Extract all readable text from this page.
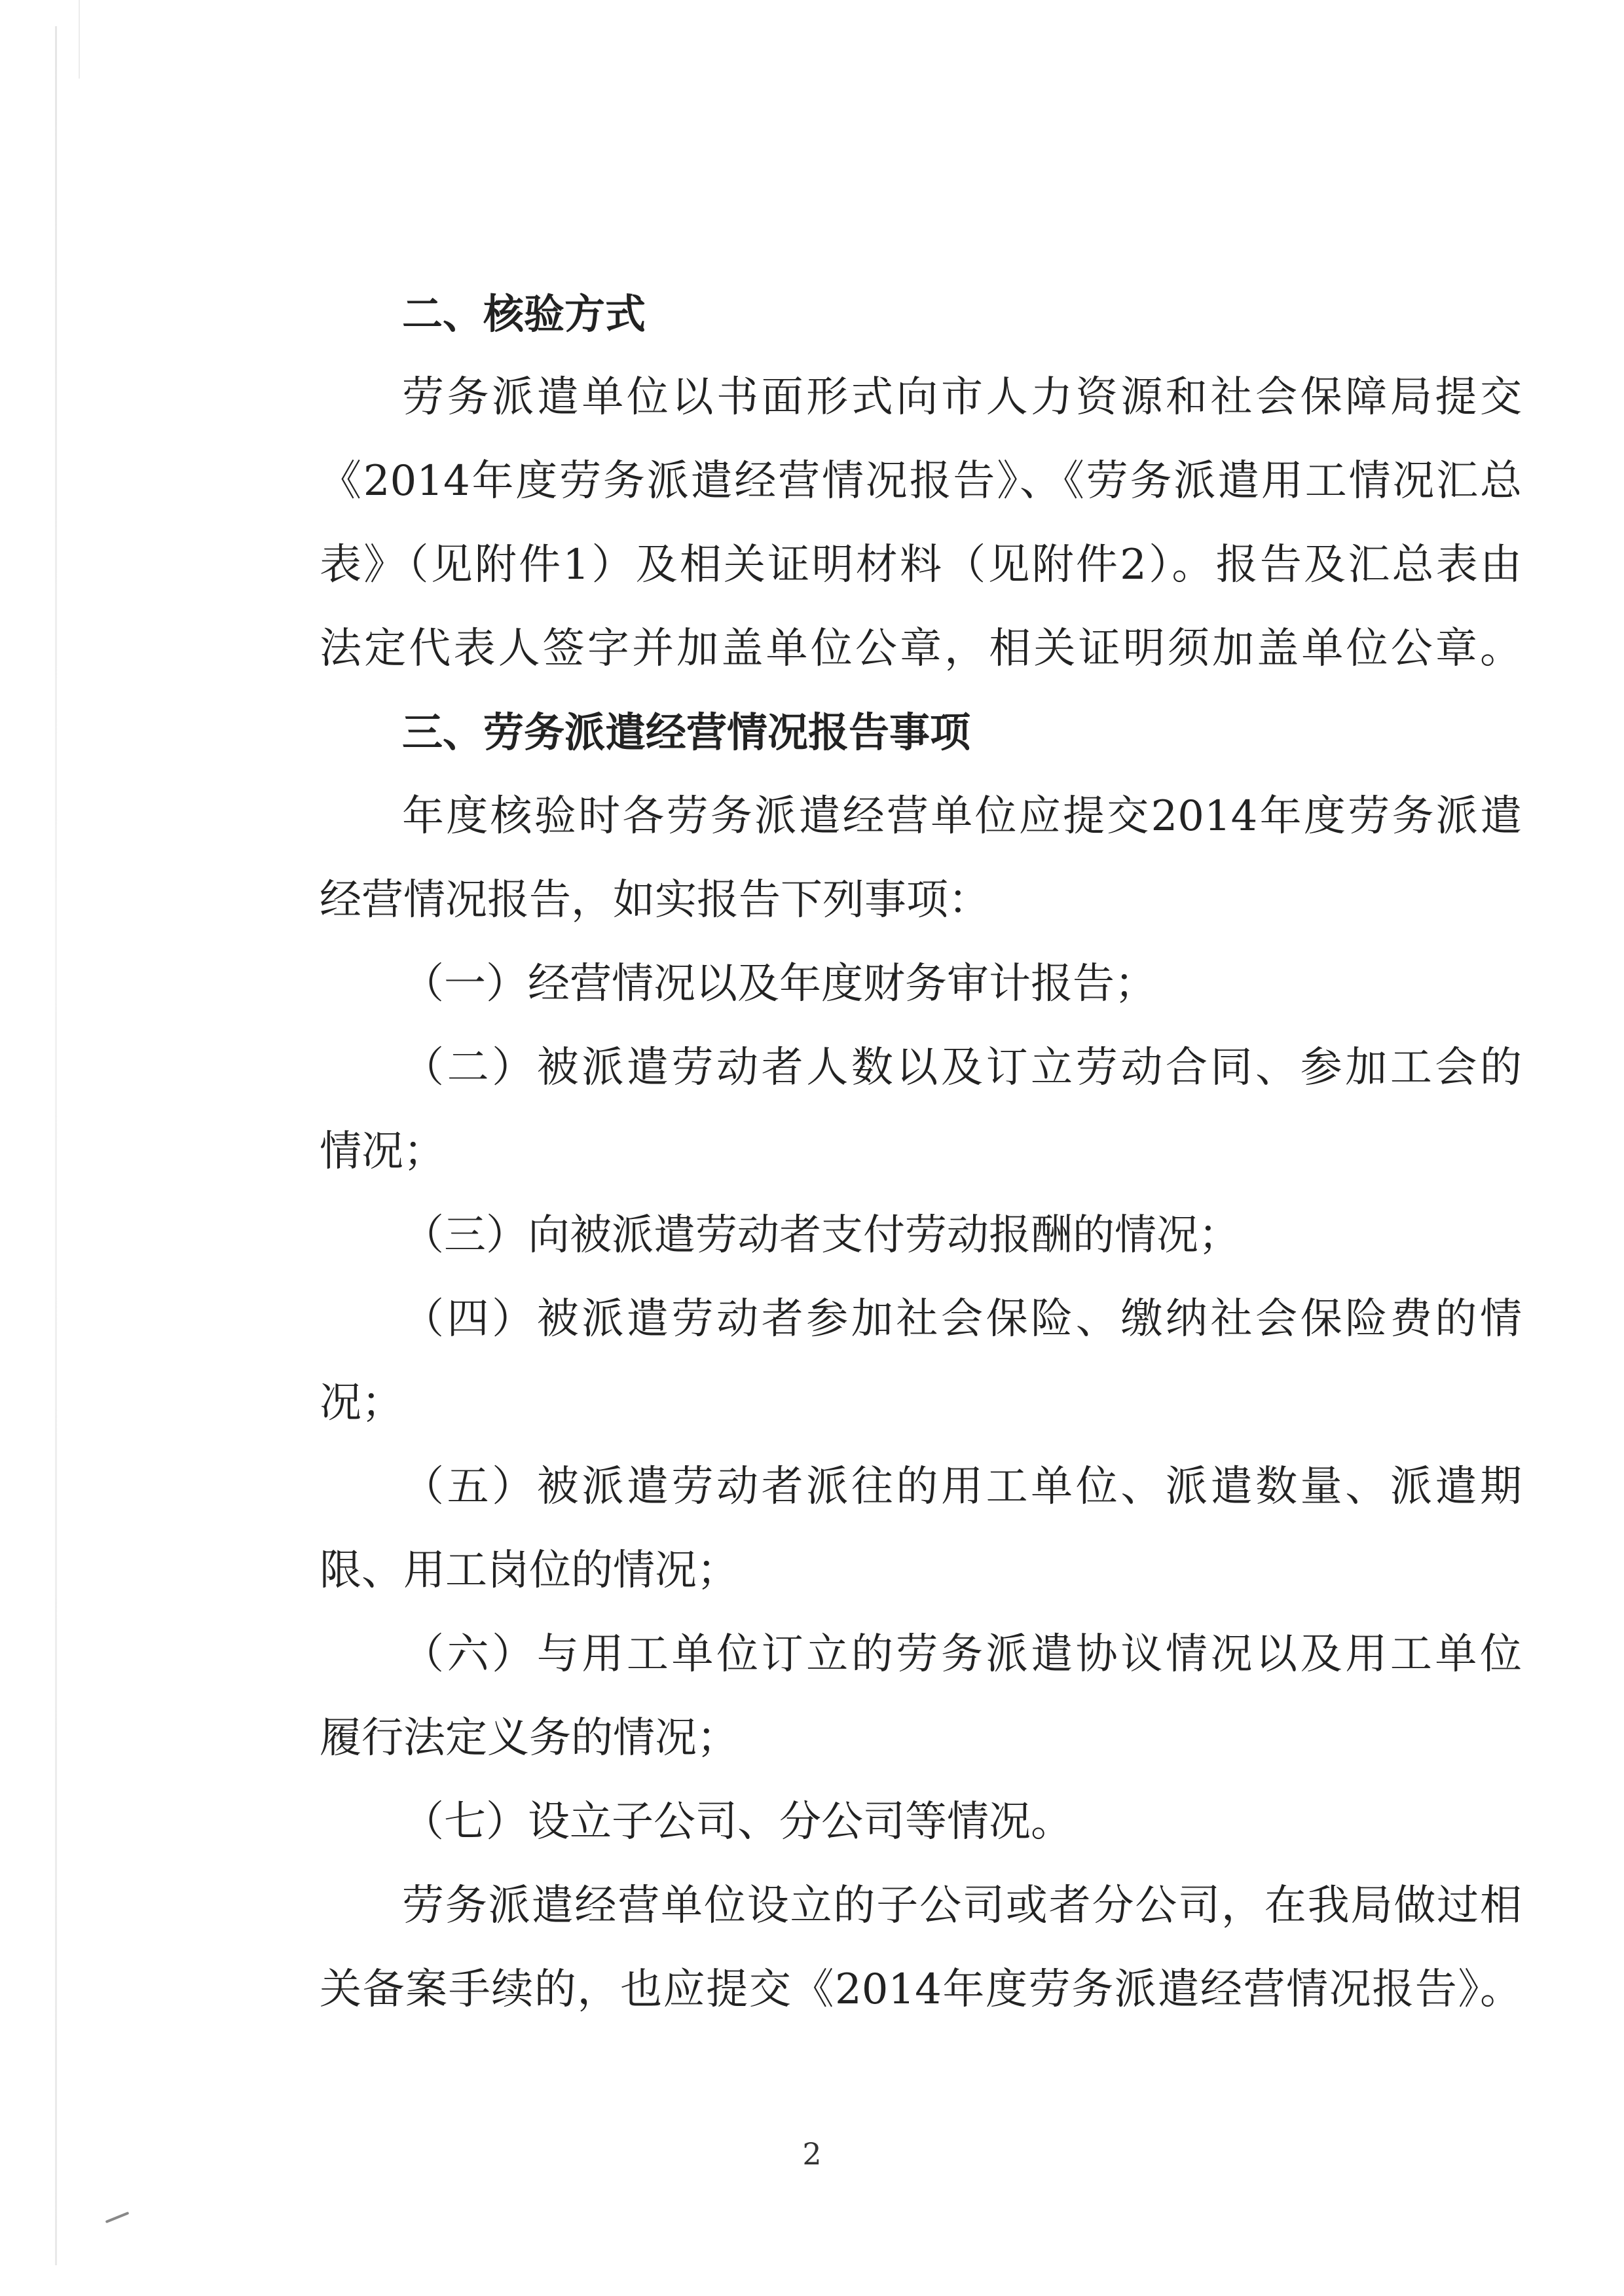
二、核验方式
劳务派遣单位以书面形式向市人力资源和社会保障局提交
《2014年度劳务派遣经营情况报告》、《劳务派遣用工情况汇总
表》（见附件1）及相关证明材料（见附件2）。报告及汇总表由
法定代表人签字并加盖单位公章，相关证明须加盖单位公章。
三、劳务派遣经营情况报告事项
年度核验时各劳务派遣经营单位应提交2014年度劳务派遣
经营情况报告，如实报告下列事项：
（一）经营情况以及年度财务审计报告；
（二）被派遣劳动者人数以及订立劳动合同、参加工会的
情况；
（三）向被派遣劳动者支付劳动报酬的情况；
（四）被派遣劳动者参加社会保险、缴纳社会保险费的情
况；
（五）被派遣劳动者派往的用工单位、派遣数量、派遣期
限、用工岗位的情况；
（六）与用工单位订立的劳务派遣协议情况以及用工单位
履行法定义务的情况；
（七）设立子公司、分公司等情况。
劳务派遣经营单位设立的子公司或者分公司，在我局做过相
关备案手续的，也应提交《2014年度劳务派遣经营情况报告》。
2
